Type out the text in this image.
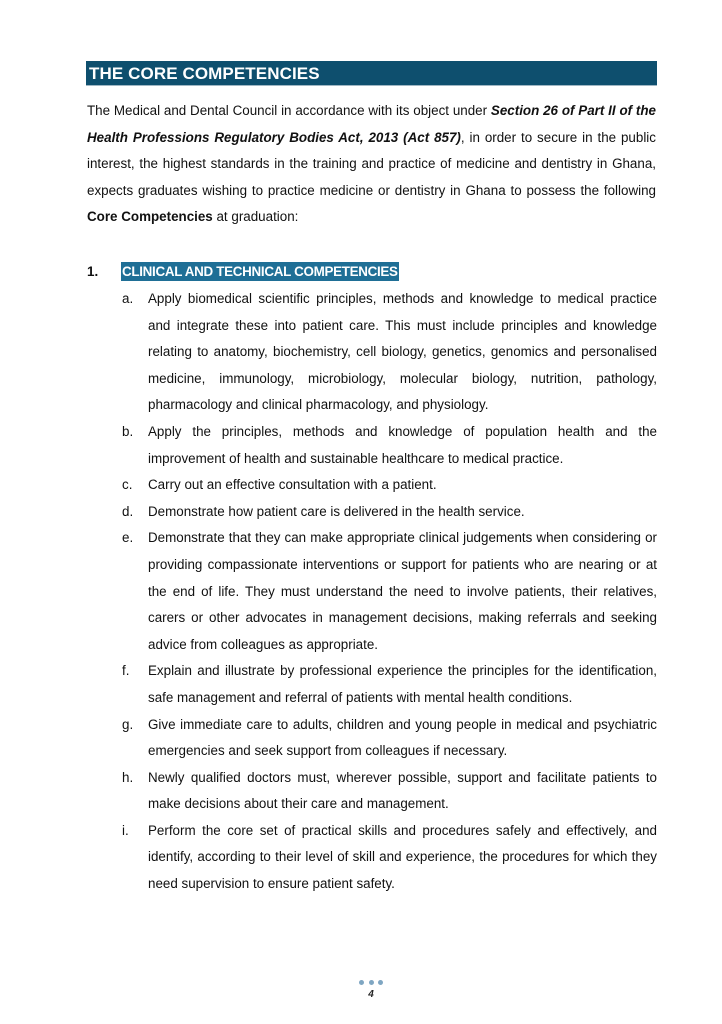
THE CORE COMPETENCIES

The Medical and Dental Council in accordance with its object under Section 26 of Part II of the Health Professions Regulatory Bodies Act, 2013 (Act 857), in order to secure in the public interest, the highest standards in the training and practice of medicine and dentistry in Ghana, expects graduates wishing to practice medicine or dentistry in Ghana to possess the following Core Competencies at graduation:

1. CLINICAL AND TECHNICAL COMPETENCIES
a. Apply biomedical scientific principles, methods and knowledge to medical practice and integrate these into patient care. This must include principles and knowledge relating to anatomy, biochemistry, cell biology, genetics, genomics and personalised medicine, immunology, microbiology, molecular biology, nutrition, pathology, pharmacology and clinical pharmacology, and physiology.
b. Apply the principles, methods and knowledge of population health and the improvement of health and sustainable healthcare to medical practice.
c. Carry out an effective consultation with a patient.
d. Demonstrate how patient care is delivered in the health service.
e. Demonstrate that they can make appropriate clinical judgements when considering or providing compassionate interventions or support for patients who are nearing or at the end of life. They must understand the need to involve patients, their relatives, carers or other advocates in management decisions, making referrals and seeking advice from colleagues as appropriate.
f. Explain and illustrate by professional experience the principles for the identification, safe management and referral of patients with mental health conditions.
g. Give immediate care to adults, children and young people in medical and psychiatric emergencies and seek support from colleagues if necessary.
h. Newly qualified doctors must, wherever possible, support and facilitate patients to make decisions about their care and management.
i. Perform the core set of practical skills and procedures safely and effectively, and identify, according to their level of skill and experience, the procedures for which they need supervision to ensure patient safety.
4
